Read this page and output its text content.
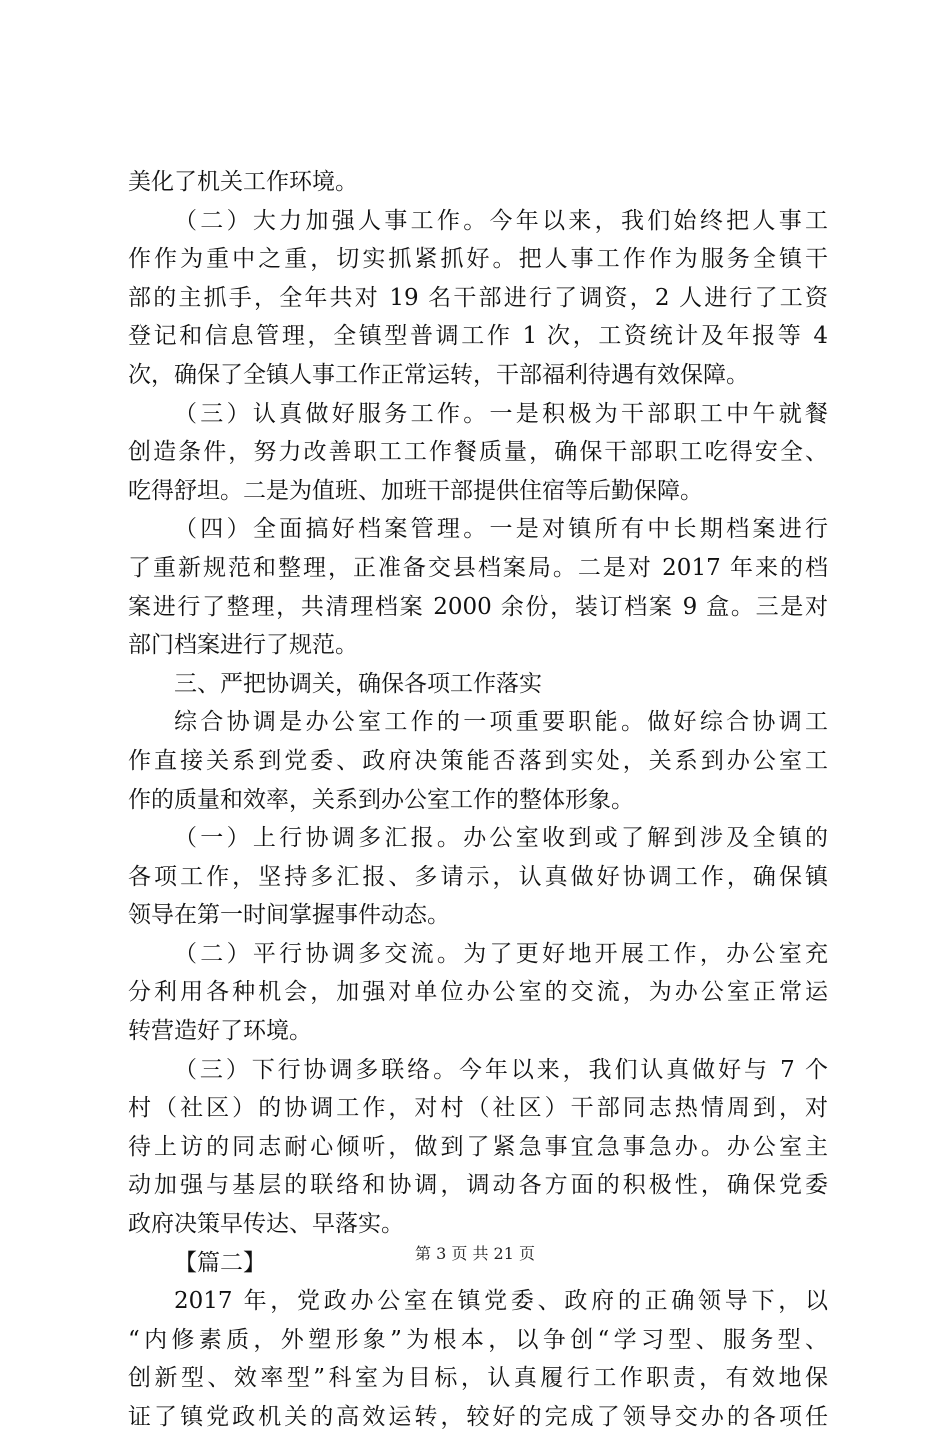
美化了机关工作环境。
（二）大力加强人事工作。今年以来，我们始终把人事工
作作为重中之重，切实抓紧抓好。把人事工作作为服务全镇干
部的主抓手，全年共对 19 名干部进行了调资，2 人进行了工资
登记和信息管理，全镇型普调工作 1 次，工资统计及年报等 4
次，确保了全镇人事工作正常运转，干部福利待遇有效保障。
（三）认真做好服务工作。一是积极为干部职工中午就餐
创造条件，努力改善职工工作餐质量，确保干部职工吃得安全、
吃得舒坦。二是为值班、加班干部提供住宿等后勤保障。
（四）全面搞好档案管理。一是对镇所有中长期档案进行
了重新规范和整理，正准备交县档案局。二是对 2017 年来的档
案进行了整理，共清理档案 2000 余份，装订档案 9 盒。三是对
部门档案进行了规范。
三、严把协调关，确保各项工作落实
综合协调是办公室工作的一项重要职能。做好综合协调工
作直接关系到党委、政府决策能否落到实处，关系到办公室工
作的质量和效率，关系到办公室工作的整体形象。
（一）上行协调多汇报。办公室收到或了解到涉及全镇的
各项工作，坚持多汇报、多请示，认真做好协调工作，确保镇
领导在第一时间掌握事件动态。
（二）平行协调多交流。为了更好地开展工作，办公室充
分利用各种机会，加强对单位办公室的交流，为办公室正常运
转营造好了环境。
（三）下行协调多联络。今年以来，我们认真做好与 7 个
村（社区）的协调工作，对村（社区）干部同志热情周到，对
待上访的同志耐心倾听，做到了紧急事宜急事急办。办公室主
动加强与基层的联络和协调，调动各方面的积极性，确保党委
政府决策早传达、早落实。
【篇二】
2017 年，党政办公室在镇党委、政府的正确领导下，以
“内修素质，外塑形象”为根本，以争创“学习型、服务型、
创新型、效率型”科室为目标，认真履行工作职责，有效地保
证了镇党政机关的高效运转，较好的完成了领导交办的各项任
第 3 页 共 21 页
